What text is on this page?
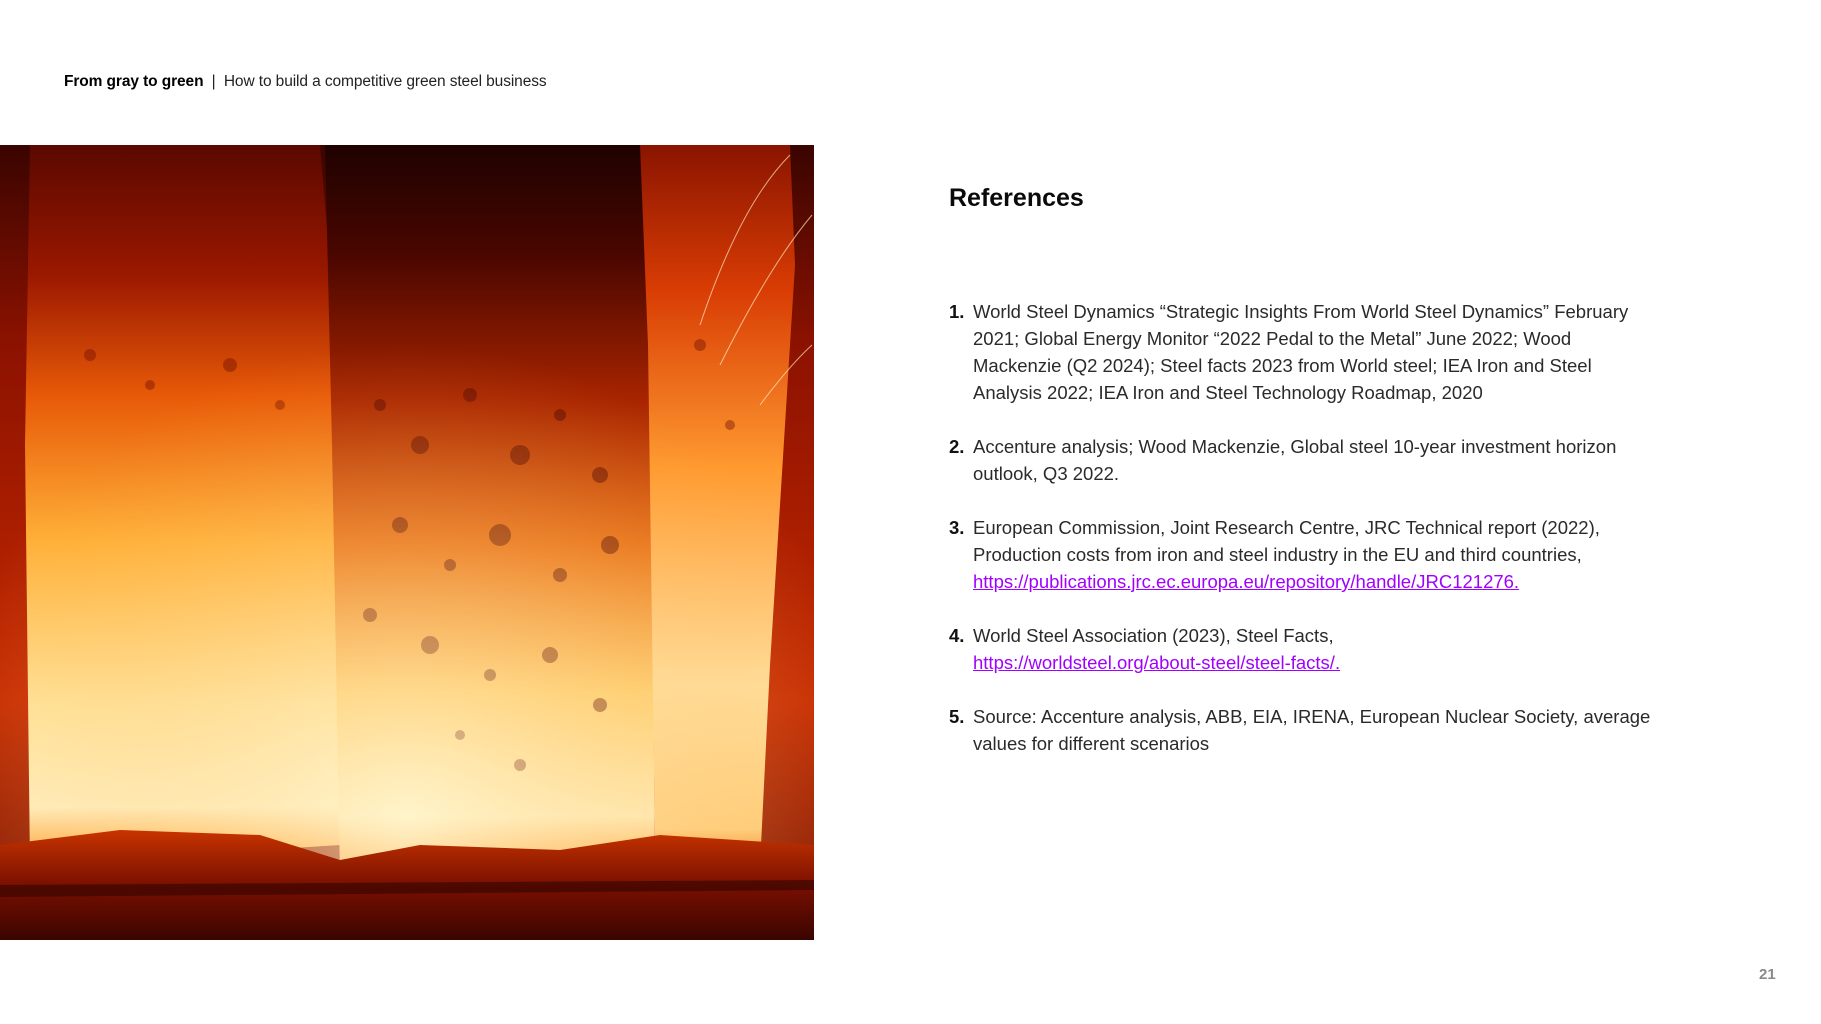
From gray to green | How to build a competitive green steel business
References
1. World Steel Dynamics “Strategic Insights From World Steel Dynamics” February 2021; Global Energy Monitor “2022 Pedal to the Metal” June 2022; Wood Mackenzie (Q2 2024); Steel facts 2023 from World steel; IEA Iron and Steel Analysis 2022; IEA Iron and Steel Technology Roadmap, 2020
2. Accenture analysis; Wood Mackenzie, Global steel 10-year investment horizon outlook, Q3 2022.
3. European Commission, Joint Research Centre, JRC Technical report (2022), Production costs from iron and steel industry in the EU and third countries,
https://publications.jrc.ec.europa.eu/repository/handle/JRC121276.
4. World Steel Association (2023), Steel Facts,
https://worldsteel.org/about-steel/steel-facts/.
5. Source: Accenture analysis, ABB, EIA, IRENA, European Nuclear Society, average values for different scenarios
21
